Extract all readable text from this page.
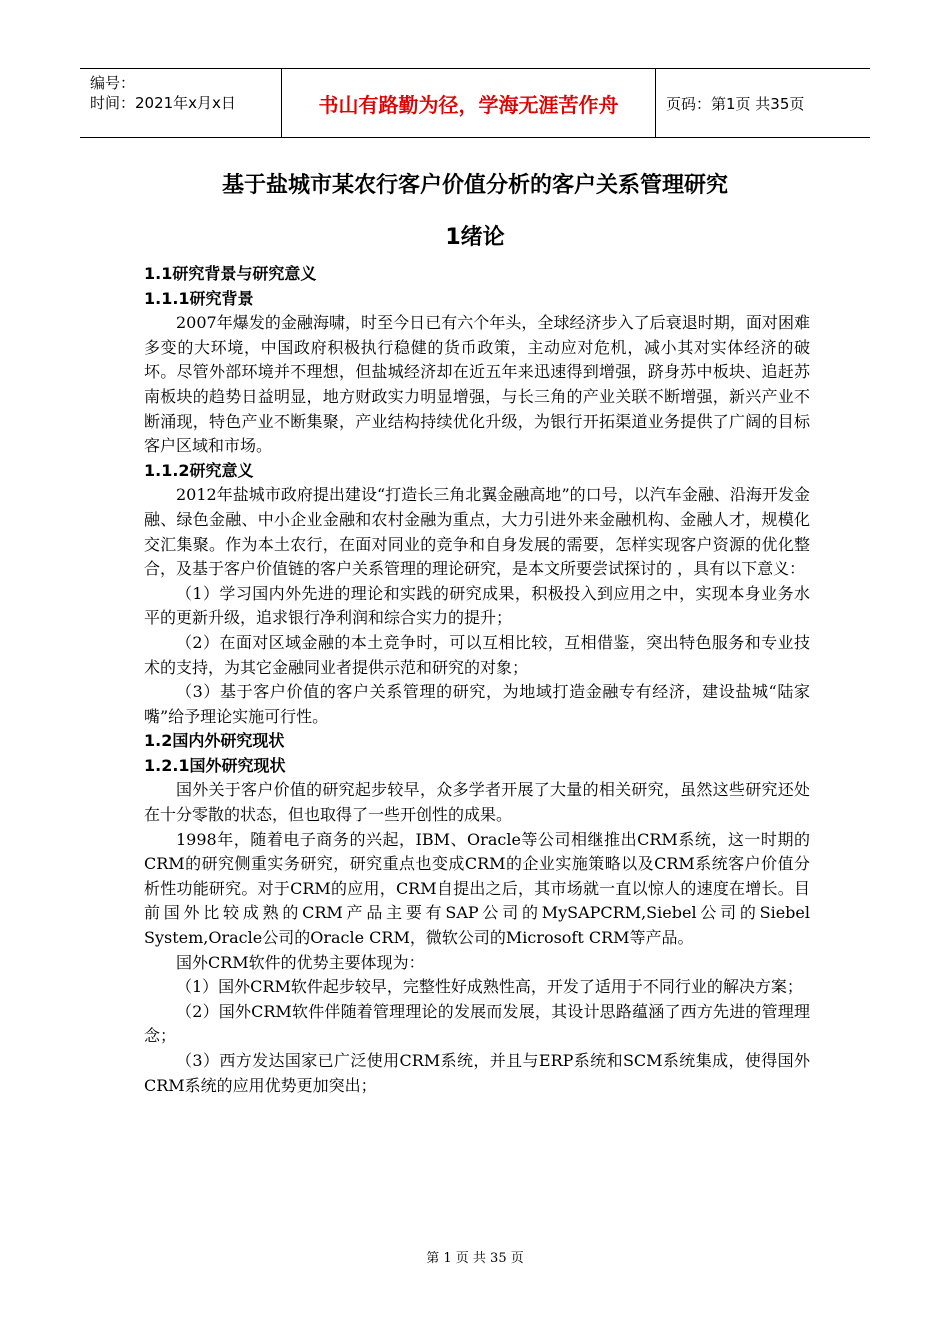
编号：
时间：2021年x月x日	书山有路勤为径，学海无涯苦作舟	页码：第1页 共35页
基于盐城市某农行客户价值分析的客户关系管理研究
1绪论

1.1研究背景与研究意义

1.1.1研究背景

2007年爆发的金融海啸，时至今日已有六个年头，全球经济步入了后衰退时期，面对困难多变的大环境，中国政府积极执行稳健的货币政策，主动应对危机，减小其对实体经济的破坏。尽管外部环境并不理想，但盐城经济却在近五年来迅速得到增强，跻身苏中板块、追赶苏南板块的趋势日益明显，地方财政实力明显增强，与长三角的产业关联不断增强，新兴产业不断涌现，特色产业不断集聚，产业结构持续优化升级，为银行开拓渠道业务提供了广阔的目标客户区域和市场。

1.1.2研究意义

2012年盐城市政府提出建设“打造长三角北翼金融高地”的口号，以汽车金融、沿海开发金融、绿色金融、中小企业金融和农村金融为重点，大力引进外来金融机构、金融人才，规模化交汇集聚。作为本土农行，在面对同业的竞争和自身发展的需要，怎样实现客户资源的优化整合，及基于客户价值链的客户关系管理的理论研究，是本文所要尝试探讨的 ，具有以下意义：

（1）学习国内外先进的理论和实践的研究成果，积极投入到应用之中，实现本身业务水平的更新升级，追求银行净利润和综合实力的提升；

（2）在面对区域金融的本土竞争时，可以互相比较，互相借鉴，突出特色服务和专业技术的支持，为其它金融同业者提供示范和研究的对象；

（3）基于客户价值的客户关系管理的研究，为地域打造金融专有经济，建设盐城“陆家嘴”给予理论实施可行性。

1.2国内外研究现状

1.2.1国外研究现状

国外关于客户价值的研究起步较早，众多学者开展了大量的相关研究，虽然这些研究还处在十分零散的状态，但也取得了一些开创性的成果。

1998年，随着电子商务的兴起，IBM、Oracle等公司相继推出CRM系统，这一时期的CRM的研究侧重实务研究，研究重点也变成CRM的企业实施策略以及CRM系统客户价值分析性功能研究。对于CRM的应用，CRM自提出之后，其市场就一直以惊人的速度在增长。目前国外比较成熟的CRM产品主要有SAP公司的MySAPCRM,Siebel公司的Siebel System,Oracle公司的Oracle CRM，微软公司的Microsoft CRM等产品。

国外CRM软件的优势主要体现为：

（1）国外CRM软件起步较早，完整性好成熟性高，开发了适用于不同行业的解决方案；

（2）国外CRM软件伴随着管理理论的发展而发展，其设计思路蕴涵了西方先进的管理理念；

（3）西方发达国家已广泛使用CRM系统，并且与ERP系统和SCM系统集成，使得国外CRM系统的应用优势更加突出；

第 1 页 共 35 页
